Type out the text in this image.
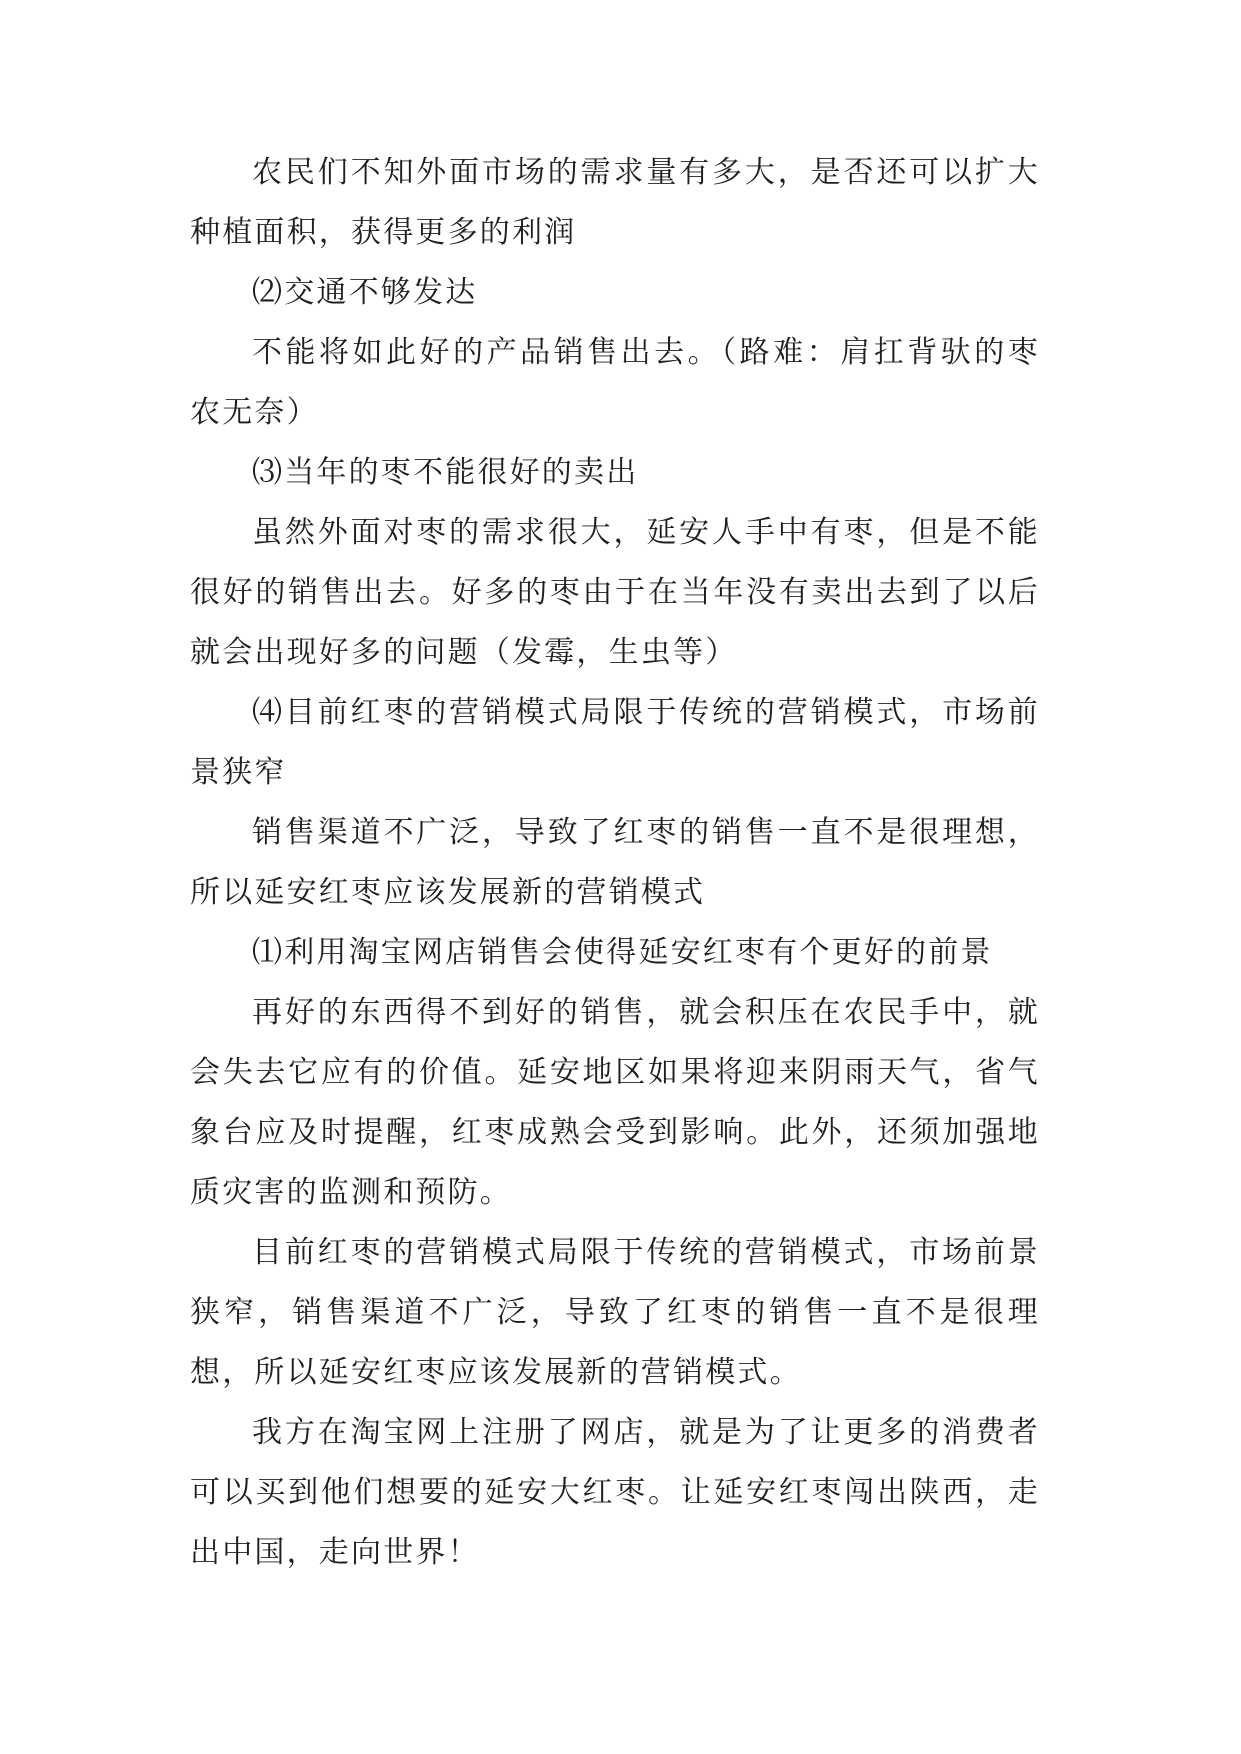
农民们不知外面市场的需求量有多大，是否还可以扩大种植面积，获得更多的利润

⑵交通不够发达

不能将如此好的产品销售出去。（路难：肩扛背驮的枣农无奈）

⑶当年的枣不能很好的卖出

虽然外面对枣的需求很大，延安人手中有枣，但是不能很好的销售出去。好多的枣由于在当年没有卖出去到了以后就会出现好多的问题（发霉，生虫等）

⑷目前红枣的营销模式局限于传统的营销模式，市场前景狭窄

销售渠道不广泛，导致了红枣的销售一直不是很理想，所以延安红枣应该发展新的营销模式

⑴利用淘宝网店销售会使得延安红枣有个更好的前景

再好的东西得不到好的销售，就会积压在农民手中，就会失去它应有的价值。延安地区如果将迎来阴雨天气，省气象台应及时提醒，红枣成熟会受到影响。此外，还须加强地质灾害的监测和预防。

目前红枣的营销模式局限于传统的营销模式，市场前景狭窄，销售渠道不广泛，导致了红枣的销售一直不是很理想，所以延安红枣应该发展新的营销模式。

我方在淘宝网上注册了网店，就是为了让更多的消费者可以买到他们想要的延安大红枣。让延安红枣闯出陕西，走出中国，走向世界！
